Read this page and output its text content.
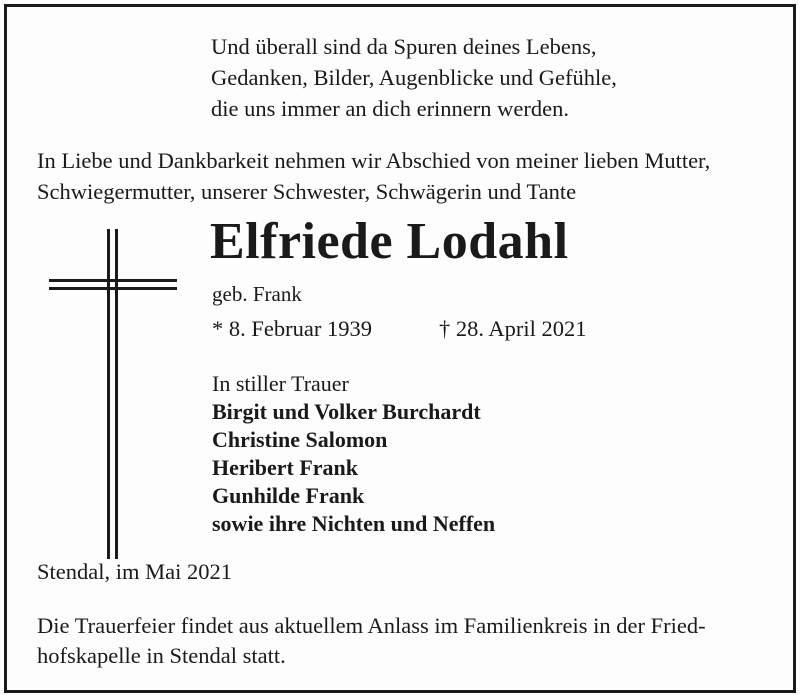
Und überall sind da Spuren deines Lebens,
Gedanken, Bilder, Augenblicke und Gefühle,
die uns immer an dich erinnern werden.
In Liebe und Dankbarkeit nehmen wir Abschied von meiner lieben Mutter,
Schwiegermutter, unserer Schwester, Schwägerin und Tante
Elfriede Lodahl
geb. Frank
* 8. Februar 1939	† 28. April 2021
In stiller Trauer
Birgit und Volker Burchardt
Christine Salomon
Heribert Frank
Gunhilde Frank
sowie ihre Nichten und Neffen
Stendal, im Mai 2021
Die Trauerfeier findet aus aktuellem Anlass im Familienkreis in der Fried-
hofskapelle in Stendal statt.
